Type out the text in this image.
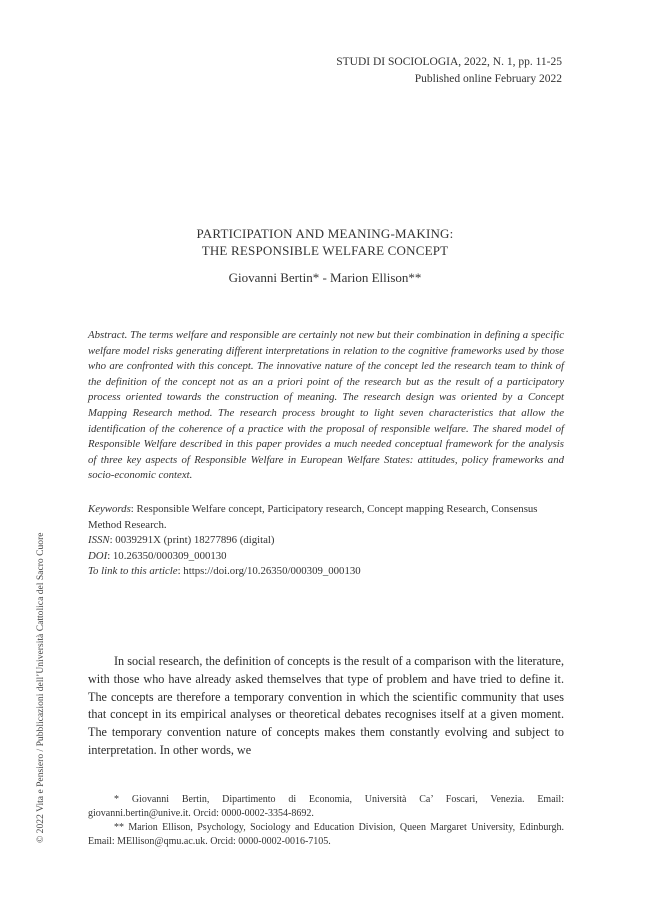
STUDI DI SOCIOLOGIA, 2022, N. 1, pp. 11-25
Published online February 2022
PARTICIPATION AND MEANING-MAKING:
THE RESPONSIBLE WELFARE CONCEPT
Giovanni Bertin* - Marion Ellison**

Abstract. The terms welfare and responsible are certainly not new but their combination in defining a specific welfare model risks generating different interpretations in relation to the cognitive frameworks used by those who are confronted with this concept. The innovative nature of the concept led the research team to think of the definition of the concept not as an a priori point of the research but as the result of a participatory process oriented towards the construction of meaning. The research design was oriented by a Concept Mapping Research method. The research process brought to light seven characteristics that allow the identification of the coherence of a practice with the proposal of responsible welfare. The shared model of Responsible Welfare described in this paper provides a much needed conceptual framework for the analysis of three key aspects of Responsible Welfare in European Welfare States: attitudes, policy frameworks and socio-economic context.

Keywords: Responsible Welfare concept, Participatory research, Concept mapping Research, Consensus Method Research.
ISSN: 0039291X (print) 18277896 (digital)
DOI: 10.26350/000309_000130
To link to this article: https://doi.org/10.26350/000309_000130

In social research, the definition of concepts is the result of a comparison with the literature, with those who have already asked themselves that type of problem and have tried to define it. The concepts are therefore a temporary convention in which the scientific community that uses that concept in its empirical analyses or theoretical debates recognises itself at a given moment. The temporary convention nature of concepts makes them constantly evolving and subject to interpretation. In other words, we

* Giovanni Bertin, Dipartimento di Economia, Università Ca’ Foscari, Venezia. Email: giovanni.bertin@unive.it. Orcid: 0000-0002-3354-8692.

** Marion Ellison, Psychology, Sociology and Education Division, Queen Margaret University, Edinburgh. Email: MEllison@qmu.ac.uk. Orcid: 0000-0002-0016-7105.

© 2022 Vita e Pensiero / Pubblicazioni dell’Università Cattolica del Sacro Cuore
